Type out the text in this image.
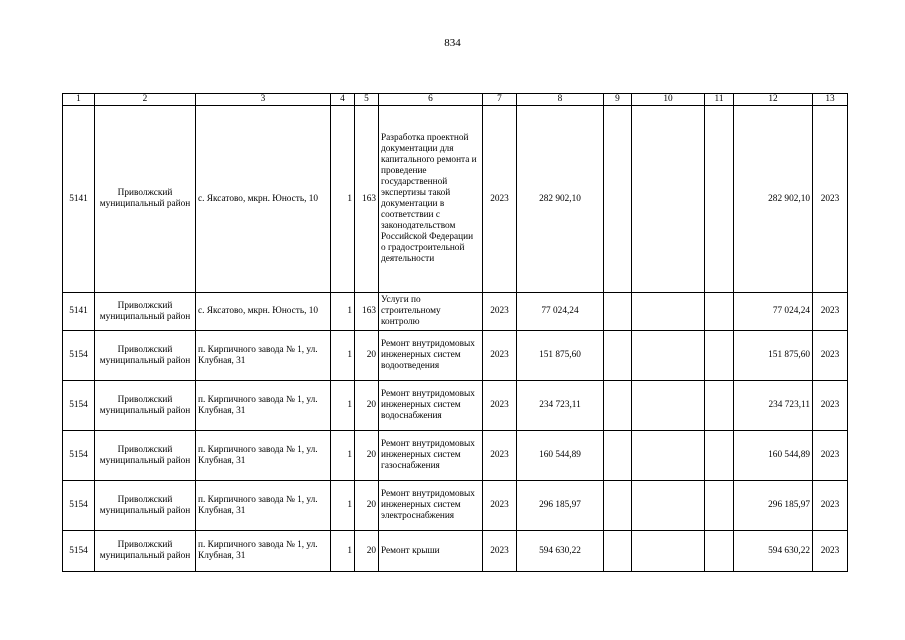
834
1	2	3	4	5	6	7	8	9	10	11	12	13
5141	Приволжский муниципальный район	с. Яксатово, мкрн. Юность, 10	1	163	Разработка проектной документации для капитального ремонта и проведение государственной экспертизы такой документации в соответствии с законодательством Российской Федерации о градостроительной деятельности	2023	282 902,10				282 902,10	2023
5141	Приволжский муниципальный район	с. Яксатово, мкрн. Юность, 10	1	163	Услуги по строительному контролю	2023	77 024,24				77 024,24	2023
5154	Приволжский муниципальный район	п. Кирпичного завода № 1, ул. Клубная, 31	1	20	Ремонт внутридомовых инженерных систем водоотведения	2023	151 875,60				151 875,60	2023
5154	Приволжский муниципальный район	п. Кирпичного завода № 1, ул. Клубная, 31	1	20	Ремонт внутридомовых инженерных систем водоснабжения	2023	234 723,11				234 723,11	2023
5154	Приволжский муниципальный район	п. Кирпичного завода № 1, ул. Клубная, 31	1	20	Ремонт внутридомовых инженерных систем газоснабжения	2023	160 544,89				160 544,89	2023
5154	Приволжский муниципальный район	п. Кирпичного завода № 1, ул. Клубная, 31	1	20	Ремонт внутридомовых инженерных систем электроснабжения	2023	296 185,97				296 185,97	2023
5154	Приволжский муниципальный район	п. Кирпичного завода № 1, ул. Клубная, 31	1	20	Ремонт крыши	2023	594 630,22				594 630,22	2023
